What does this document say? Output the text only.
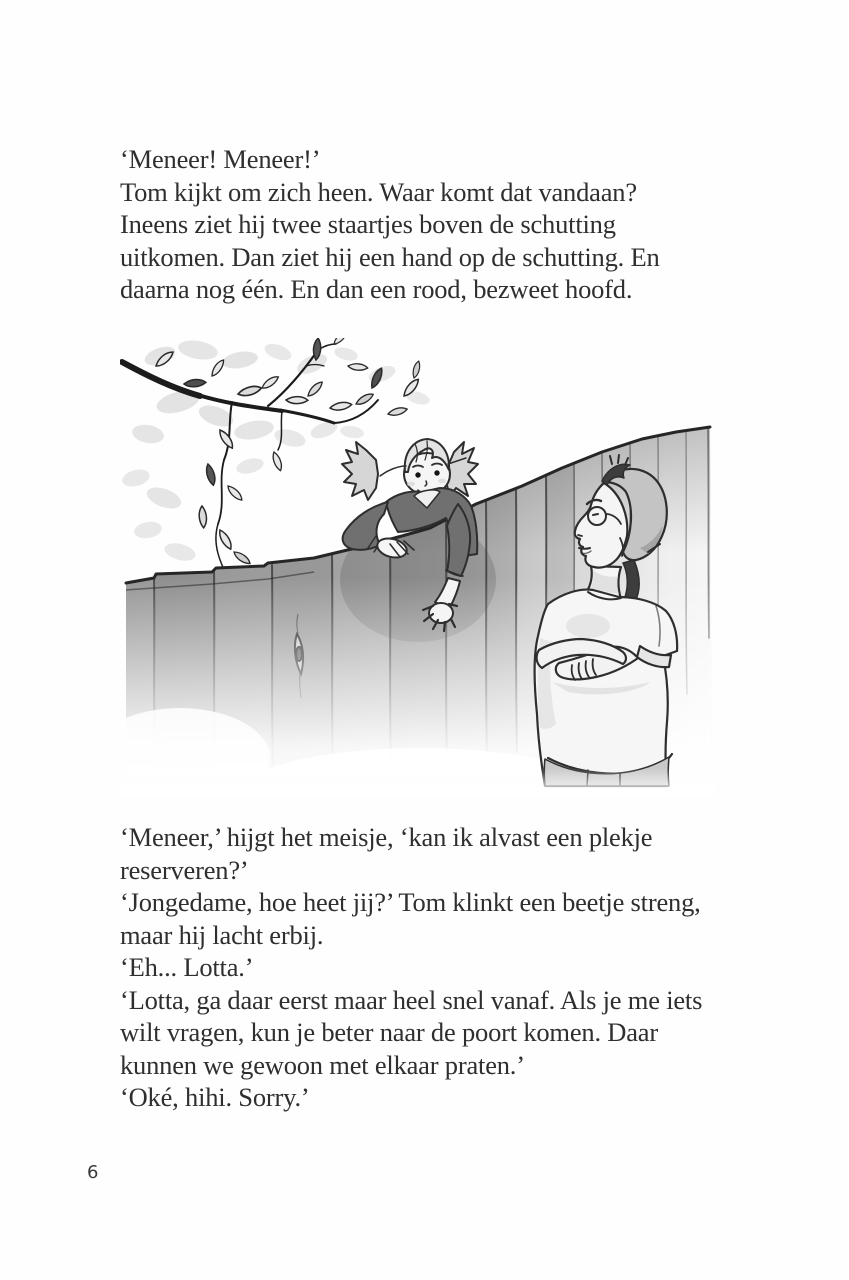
‘Meneer! Meneer!’
Tom kijkt om zich heen. Waar komt dat vandaan?
Ineens ziet hij twee staartjes boven de schutting
uitkomen. Dan ziet hij een hand op de schutting. En
daarna nog één. En dan een rood, bezweet hoofd.
‘Meneer,’ hijgt het meisje, ‘kan ik alvast een plekje
reserveren?’
‘Jongedame, hoe heet jij?’ Tom klinkt een beetje streng,
maar hij lacht erbij.
‘Eh... Lotta.’
‘Lotta, ga daar eerst maar heel snel vanaf. Als je me iets
wilt vragen, kun je beter naar de poort komen. Daar
kunnen we gewoon met elkaar praten.’
‘Oké, hihi. Sorry.’
6
